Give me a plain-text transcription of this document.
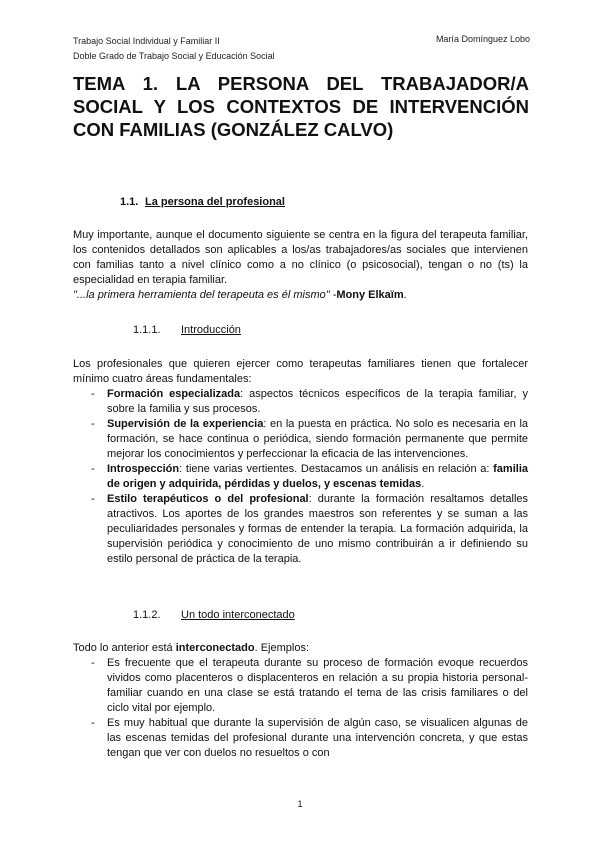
Trabajo Social Individual y Familiar II
Doble Grado de Trabajo Social y Educación Social
María Domínguez Lobo
TEMA 1. LA PERSONA DEL TRABAJADOR/A SOCIAL Y LOS CONTEXTOS DE INTERVENCIÓN CON FAMILIAS (GONZÁLEZ CALVO)
1.1. La persona del profesional

Muy importante, aunque el documento siguiente se centra en la figura del terapeuta familiar, los contenidos detallados son aplicables a los/as trabajadores/as sociales que intervienen con familias tanto a nivel clínico como a no clínico (o psicosocial), tengan o no (ts) la especialidad en terapia familiar.
"...la primera herramienta del terapeuta es él mismo" -Mony Elkaïm.

1.1.1. Introducción

Los profesionales que quieren ejercer como terapeutas familiares tienen que fortalecer mínimo cuatro áreas fundamentales:

- Formación especializada: aspectos técnicos específicos de la terapia familiar, y sobre la familia y sus procesos.
- Supervisión de la experiencia: en la puesta en práctica. No solo es necesaria en la formación, se hace continua o periódica, siendo formación permanente que permite mejorar los conocimientos y perfeccionar la eficacia de las intervenciones.
- Introspección: tiene varias vertientes. Destacamos un análisis en relación a: familia de origen y adquirida, pérdidas y duelos, y escenas temidas.
- Estilo terapéuticos o del profesional: durante la formación resaltamos detalles atractivos. Los aportes de los grandes maestros son referentes y se suman a las peculiaridades personales y formas de entender la terapia. La formación adquirida, la supervisión periódica y conocimiento de uno mismo contribuirán a ir definiendo su estilo personal de práctica de la terapia.
1.1.2. Un todo interconectado

Todo lo anterior está interconectado. Ejemplos:

- Es frecuente que el terapeuta durante su proceso de formación evoque recuerdos vividos como placenteros o displacenteros en relación a su propia historia personal-familiar cuando en una clase se está tratando el tema de las crisis familiares o del ciclo vital por ejemplo.
- Es muy habitual que durante la supervisión de algún caso, se visualicen algunas de las escenas temidas del profesional durante una intervención concreta, y que estas tengan que ver con duelos no resueltos o con
1
